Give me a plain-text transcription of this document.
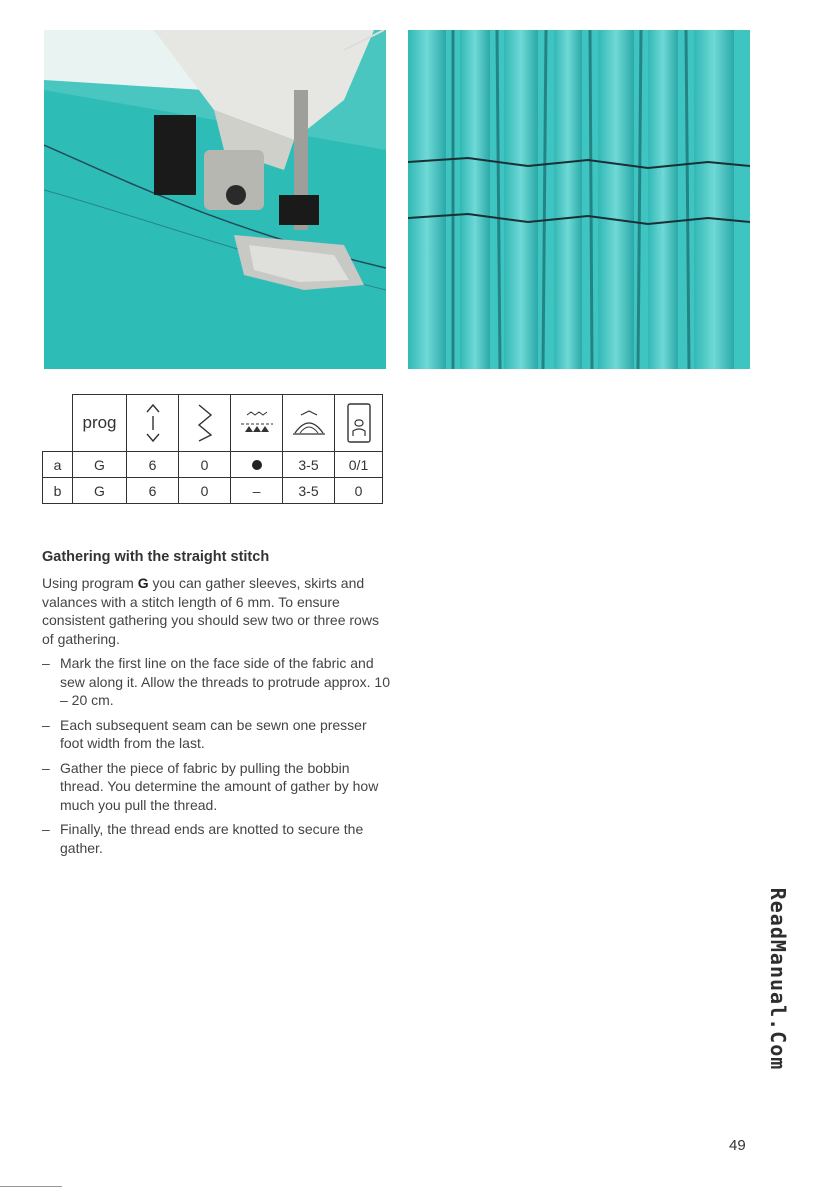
	prog					
a	G	6	0		3-5	0/1
b	G	6	0	–	3-5	0
Gathering with the straight stitch

Using program G you can gather sleeves, skirts and valances with a stitch length of 6 mm. To ensure consistent gathering you should sew two or three rows of gathering.

– Mark the first line on the face side of the fabric and sew along it. Allow the threads to protrude approx. 10 – 20 cm.
– Each subsequent seam can be sewn one presser foot width from the last.
– Gather the piece of fabric by pulling the bobbin thread. You determine the amount of gather by how much you pull the thread.
– Finally, the thread ends are knotted to secure the gather.
ReadManual.Com
49
